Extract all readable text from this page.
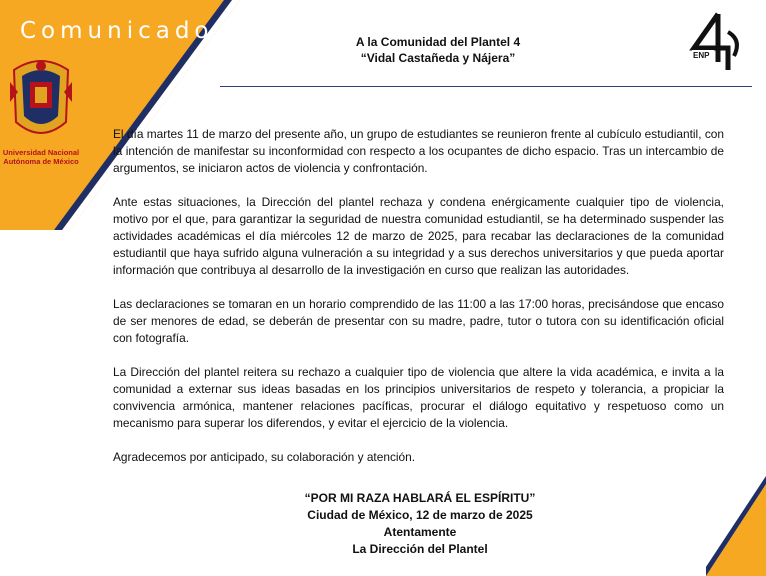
Comunicado
Universidad Nacional
Autónoma de México
A la Comunidad del Plantel 4
“Vidal Castañeda y Nájera”	ENP

El día martes 11 de marzo del presente año, un grupo de estudiantes se reunieron frente al cubículo estudiantil, con la intención de manifestar su inconformidad con respecto a los ocupantes de dicho espacio. Tras un intercambio de argumentos, se iniciaron actos de violencia y confrontación.

Ante estas situaciones, la Dirección del plantel rechaza y condena enérgicamente cualquier tipo de violencia, motivo por el que, para garantizar la seguridad de nuestra comunidad estudiantil, se ha determinado suspender las actividades académicas el día miércoles 12 de marzo de 2025, para recabar las declaraciones de la comunidad estudiantil que haya sufrido alguna vulneración a su integridad y a sus derechos universitarios y que pueda aportar información que contribuya al desarrollo de la investigación en curso que realizan las autoridades.

Las declaraciones se tomaran en un horario comprendido de las 11:00 a las 17:00 horas, precisándose que encaso de ser menores de edad, se deberán de presentar con su madre, padre, tutor o tutora con su identificación oficial con fotografía.

La Dirección del plantel reitera su rechazo a cualquier tipo de violencia que altere la vida académica, e invita a la comunidad a externar sus ideas basadas en los principios universitarios de respeto y tolerancia, a propiciar la convivencia armónica, mantener relaciones pacíficas, procurar el diálogo equitativo y respetuoso como un mecanismo para superar los diferendos, y evitar el ejercicio de la violencia.

Agradecemos por anticipado, su colaboración y atención.

“POR MI RAZA HABLARÁ EL ESPÍRITU”
Ciudad de México, 12 de marzo de 2025
Atentamente
La Dirección del Plantel
